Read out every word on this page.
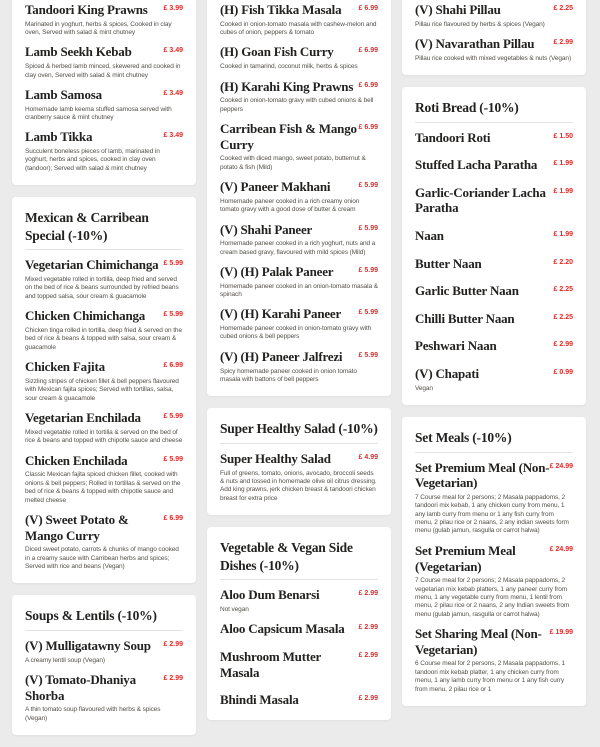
Tandoori King Prawns £ 3.99

Marinated in yoghurt, herbs & spices, Cooked in clay oven, Served with salad & mint chutney

Lamb Seekh Kebab	£ 3.49

Spiced & herbed lamb minced, skewered and cooked in clay oven, Served with salad & mint chutney

Lamb Samosa	£ 3.49

Homemade lamb keema stuffed samosa served with cranberry sauce & mint chutney

Lamb Tikka	£ 3.49

Succulent boneless pieces of lamb, marinated in yoghurt, herbs and spices, cooked in clay oven (tandoor); Served with salad & mint chutney

Mexican & Carribean Special (-10%)
Vegetarian Chimichanga £ 5.99

Mixed vegetable rolled in tortilla, deep fried and served on the bed of rice & beans surrounded by refried beans and topped salsa, sour cream & guacamole

Chicken Chimichanga	£ 5.99

Chicken tinga rolled in tortilla, deep fried & served on the bed of rice & beans & topped with salsa, sour cream & guacamole

Chicken Fajita	£ 6.99

Sizzling stripes of chicken fillet & bell peppers flavoured with Mexican fajita spices; Served with tortillas, salsa, sour cream & guacamole

Vegetarian Enchilada	£ 5.99

Mixed vegetable rolled in tortilla & served on the bed of rice & beans and topped with chipotle sauce and cheese

Chicken Enchilada	£ 5.99

Classic Mexican fajita spiced chicken fillet, cooked with onions & bell peppers; Rolled in tortillas & served on the bed of rice & beans & topped with chipotle sauce and melted cheese

(V) Sweet Potato & Mango Curry
£ 6.99

Diced sweet potato, carrots & chunks of mango cooked in a creamy sauce with Carribean herbs and spices; Served with rice and beans (Vegan)

Soups & Lentils (-10%)
(V) Mulligatawny Soup £ 2.99

A creamy lentil soup (Vegan)

(V) Tomato-Dhaniya Shorba
£ 2.99

A thin tomato soup flavoured with herbs & spices (Vegan)

(H) Fish Tikka Masala £ 6.99

Cooked in onion-tomato masala with cashew-melon and cubes of onion, peppers & tomato

(H) Goan Fish Curry	£ 6.99

Cooked in tamarind, coconut milk, herbs & spices

(H) Karahi King Prawns £ 6.99

Cooked in onion-tomato gravy with cubed onions & bell peppers

Carribean Fish & Mango Curry
£ 6.99

Cooked with diced mango, sweet potato, butternut & potato & fish (Mild)

(V) Paneer Makhani	£ 5.99

Homemade paneer cooked in a rich creamy onion tomato gravy with a good dose of butter & cream

(V) Shahi Paneer	£ 5.99

Homemade paneer cooked in a rich yoghurt, nuts and a cream based gravy, flavoured with mild spices (Mild)

(V) (H) Palak Paneer	£ 5.99

Homemade paneer cooked in an onion-tomato masala & spinach

(V) (H) Karahi Paneer £ 5.99

Homemade paneer cooked in onion-tomato gravy with cubed onions & bell peppers

(V) (H) Paneer Jalfrezi £ 5.99

Spicy homemade paneer cooked in onion tomato masala with battons of bell peppers

Super Healthy Salad (-10%)
Super Healthy Salad	£ 4.99

Full of greens, tomato, onions, avocado, broccoli seeds & nuts and tossed in homemade olive oil citrus dressing. Add king prawns, jerk chicken breast & tandoori chicken breast for extra price

Vegetable & Vegan Side Dishes (-10%)
Aloo Dum Benarsi	£ 2.99

Not vegan

Aloo Capsicum Masala £ 2.99
Mushroom Mutter Masala
£ 2.99
Bhindi Masala	£ 2.99
(V) Shahi Pillau	£ 2.25

Pillau rice flavoured by herbs & spices (Vegan)

(V) Navarathan Pillau	£ 2.99

Pillau rice cooked with mixed vegetables & nuts (Vegan)

Roti Bread (-10%)
Tandoori Roti	£ 1.50
Stuffed Lacha Paratha £ 1.99
Garlic-Coriander Lacha Paratha
£ 1.99
Naan	£ 1.99
Butter Naan	£ 2.20
Garlic Butter Naan	£ 2.25
Chilli Butter Naan	£ 2.25
Peshwari Naan	£ 2.99
(V) Chapati	£ 0.99

Vegan

Set Meals (-10%)
Set Premium Meal (Non-Vegetarian)
£ 24.99

7 Course meal for 2 persons; 2 Masala pappadoms, 2 tandoori mix kebab, 1 any chicken curry from menu, 1 any lamb curry from menu or 1 any fish curry from menu, 2 pilau rice or 2 naans, 2 any indian sweets form menu (gulab jamun, rasgulla or carrot halwa)

Set Premium Meal (Vegetarian)
£ 24.99

7 Course meal for 2 persons; 2 Masala pappadoms, 2 vegetarian mix kebab platters, 1 any paneer curry from menu, 1 any vegetable curry from menu, 1 lentil from menu, 2 pilau rice or 2 naans, 2 any Indian sweets from menu (gulab jamun, rasgulla or carrot halwa)

Set Sharing Meal (Non-Vegetarian)
£ 19.99

6 Course meal for 2 persons, 2 Masala pappadoms, 1 tandoori mix kebab platter, 1 any chicken curry from menu, 1 any lamb curry from menu or 1 any fish curry from menu, 2 pilau rice or 1
